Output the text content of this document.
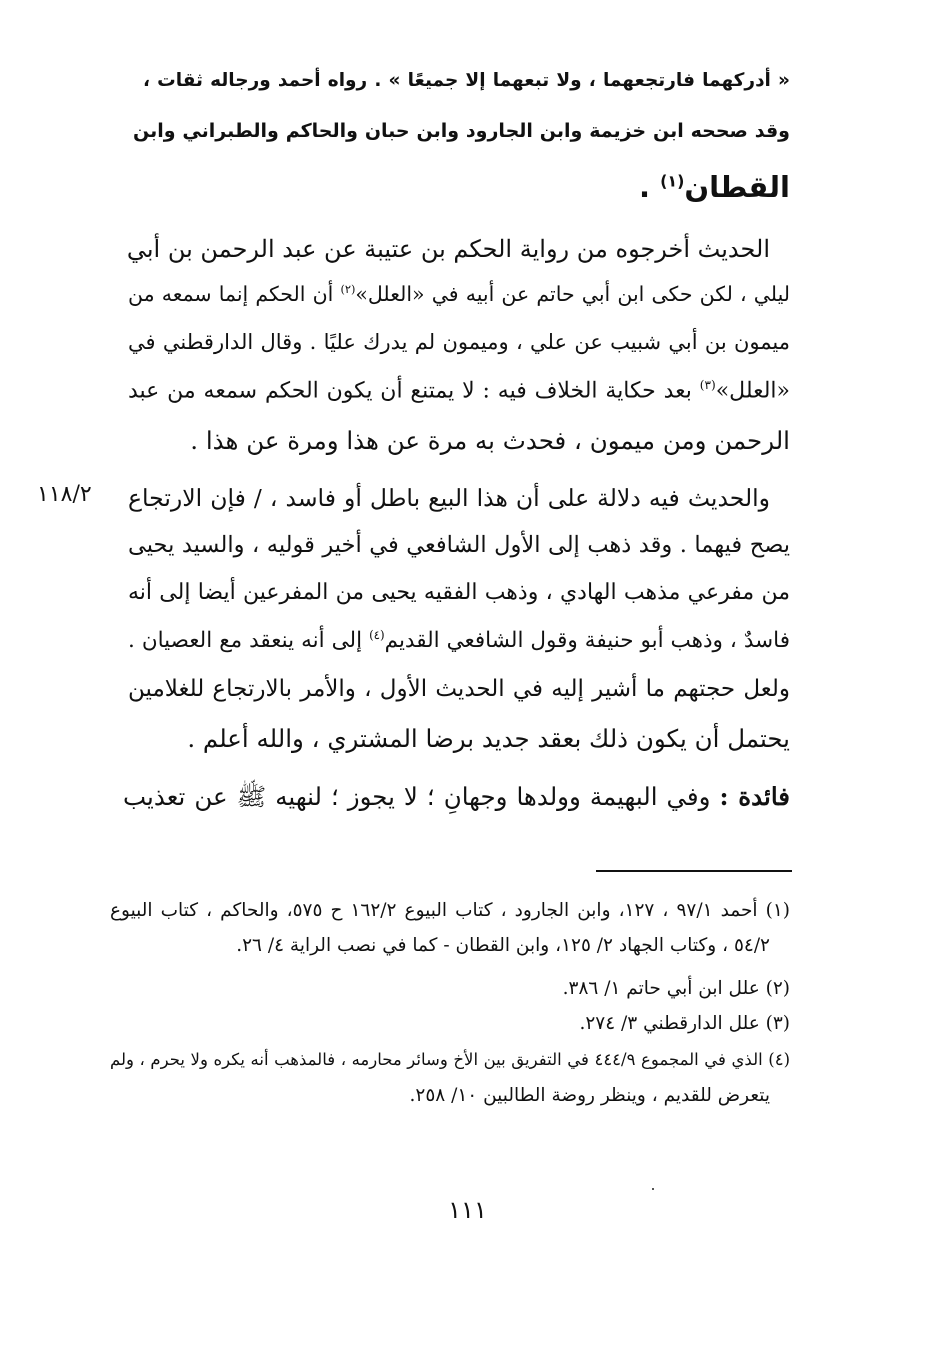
« أدركهما فارتجعهما ، ولا تبعهما إلا جميعًا » . رواه أحمد ورجاله ثقات ،
وقد صححه ابن خزيمة وابن الجارود وابن حبان والحاكم والطبراني وابن
القطان$^{(١)}$ .
الحديث أخرجوه من رواية الحكم بن عتيبة عن عبد الرحمن بن أبي
ليلي ، لكن حكى ابن أبي حاتم عن أبيه في «العلل»$^{(٢)}$ أن الحكم إنما سمعه من
ميمون بن أبي شبيب عن علي ، وميمون لم يدرك عليًا . وقال الدارقطني في
«العلل»$^{(٣)}$ بعد حكاية الخلاف فيه : لا يمتنع أن يكون الحكم سمعه من عبد
الرحمن ومن ميمون ، فحدث به مرة عن هذا ومرة عن هذا .
١١٨/٢ والحديث فيه دلالة على أن هذا البيع باطل أو فاسد ، / فإن الارتجاع
يصح فيهما . وقد ذهب إلى الأول الشافعي في أخير قوليه ، والسيد يحيى
من مفرعي مذهب الهادي ، وذهب الفقيه يحيى من المفرعين أيضا إلى أنه
فاسدٌ ، وذهب أبو حنيفة وقول الشافعي القديم$^{(٤)}$ إلى أنه ينعقد مع العصيان .
ولعل حجتهم ما أشير إليه في الحديث الأول ، والأمر بالارتجاع للغلامين
يحتمل أن يكون ذلك بعقد جديد برضا المشتري ، والله أعلم .
فائدة : وفي البهيمة وولدها وجهانِ ؛ لا يجوز ؛ لنهيه ﷺ عن تعذيب
(١) أحمد ٩٧/١ ، ١٢٧، وابن الجارود ، كتاب البيوع ١٦٢/٢ ح ٥٧٥، والحاكم ، كتاب البيوع
٥٤/٢ ، وكتاب الجهاد ٢/ ١٢٥، وابن القطان - كما في نصب الراية ٤/ ٢٦.
(٢) علل ابن أبي حاتم ١/ ٣٨٦.
(٣) علل الدارقطني ٣/ ٢٧٤.
(٤) الذي في المجموع ٤٤٤/٩ في التفريق بين الأخ وسائر محارمه ، فالمذهب أنه يكره ولا يحرم ، ولم
يتعرض للقديم ، وينظر روضة الطالبين ١٠/ ٢٥٨.
١١١
